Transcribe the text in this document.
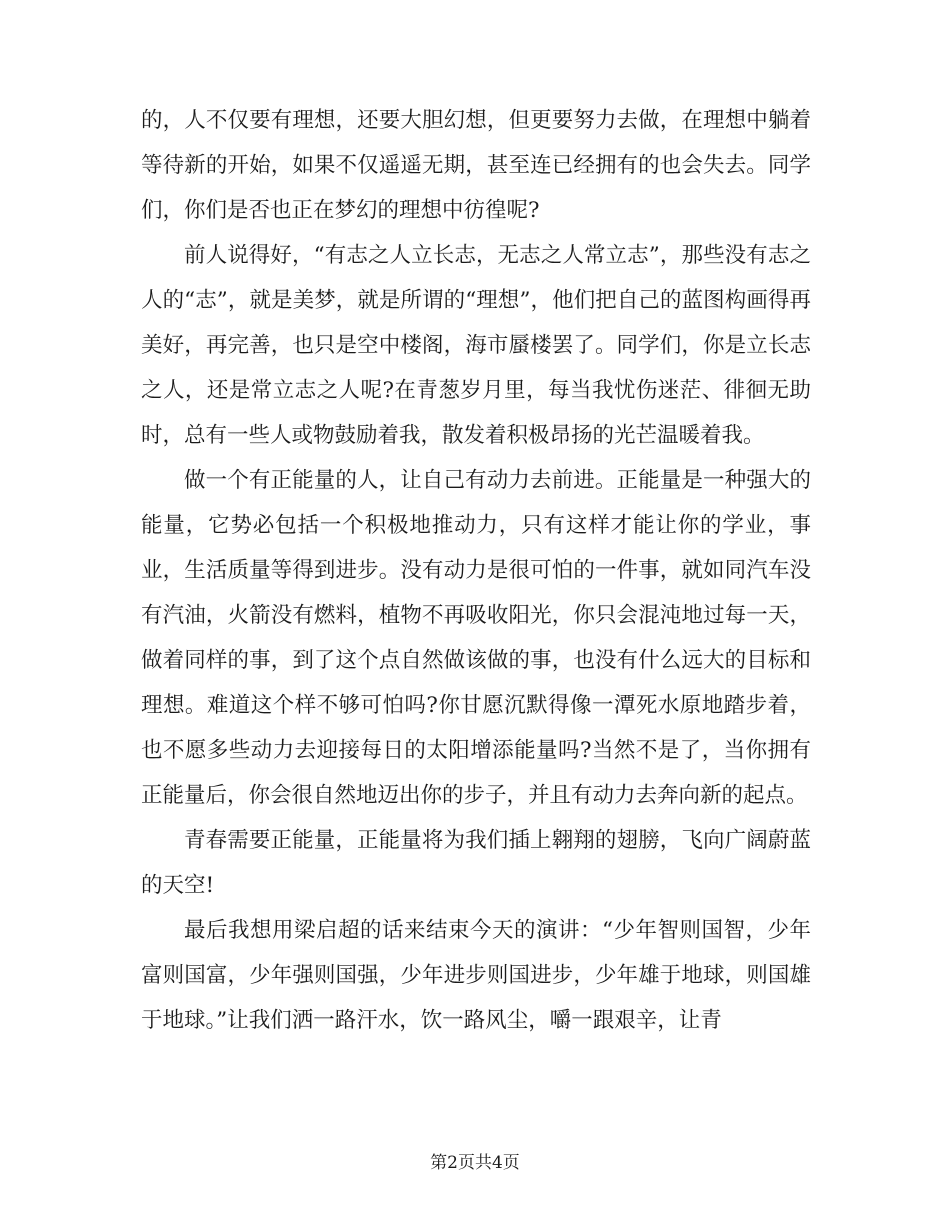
的，人不仅要有理想，还要大胆幻想，但更要努力去做，在理想中躺着等待新的开始，如果不仅遥遥无期，甚至连已经拥有的也会失去。同学们，你们是否也正在梦幻的理想中彷徨呢?

前人说得好，“有志之人立长志，无志之人常立志”，那些没有志之人的“志”，就是美梦，就是所谓的“理想”，他们把自己的蓝图构画得再美好，再完善，也只是空中楼阁，海市蜃楼罢了。同学们，你是立长志之人，还是常立志之人呢?在青葱岁月里，每当我忧伤迷茫、徘徊无助时，总有一些人或物鼓励着我，散发着积极昂扬的光芒温暖着我。

做一个有正能量的人，让自己有动力去前进。正能量是一种强大的能量，它势必包括一个积极地推动力，只有这样才能让你的学业，事业，生活质量等得到进步。没有动力是很可怕的一件事，就如同汽车没有汽油，火箭没有燃料，植物不再吸收阳光，你只会混沌地过每一天，做着同样的事，到了这个点自然做该做的事，也没有什么远大的目标和理想。难道这个样不够可怕吗?你甘愿沉默得像一潭死水原地踏步着，也不愿多些动力去迎接每日的太阳增添能量吗?当然不是了，当你拥有正能量后，你会很自然地迈出你的步子，并且有动力去奔向新的起点。

青春需要正能量，正能量将为我们插上翱翔的翅膀，飞向广阔蔚蓝的天空!

最后我想用梁启超的话来结束今天的演讲：“少年智则国智，少年富则国富，少年强则国强，少年进步则国进步，少年雄于地球，则国雄于地球。”让我们洒一路汗水，饮一路风尘，嚼一跟艰辛，让青

第2页共4页
